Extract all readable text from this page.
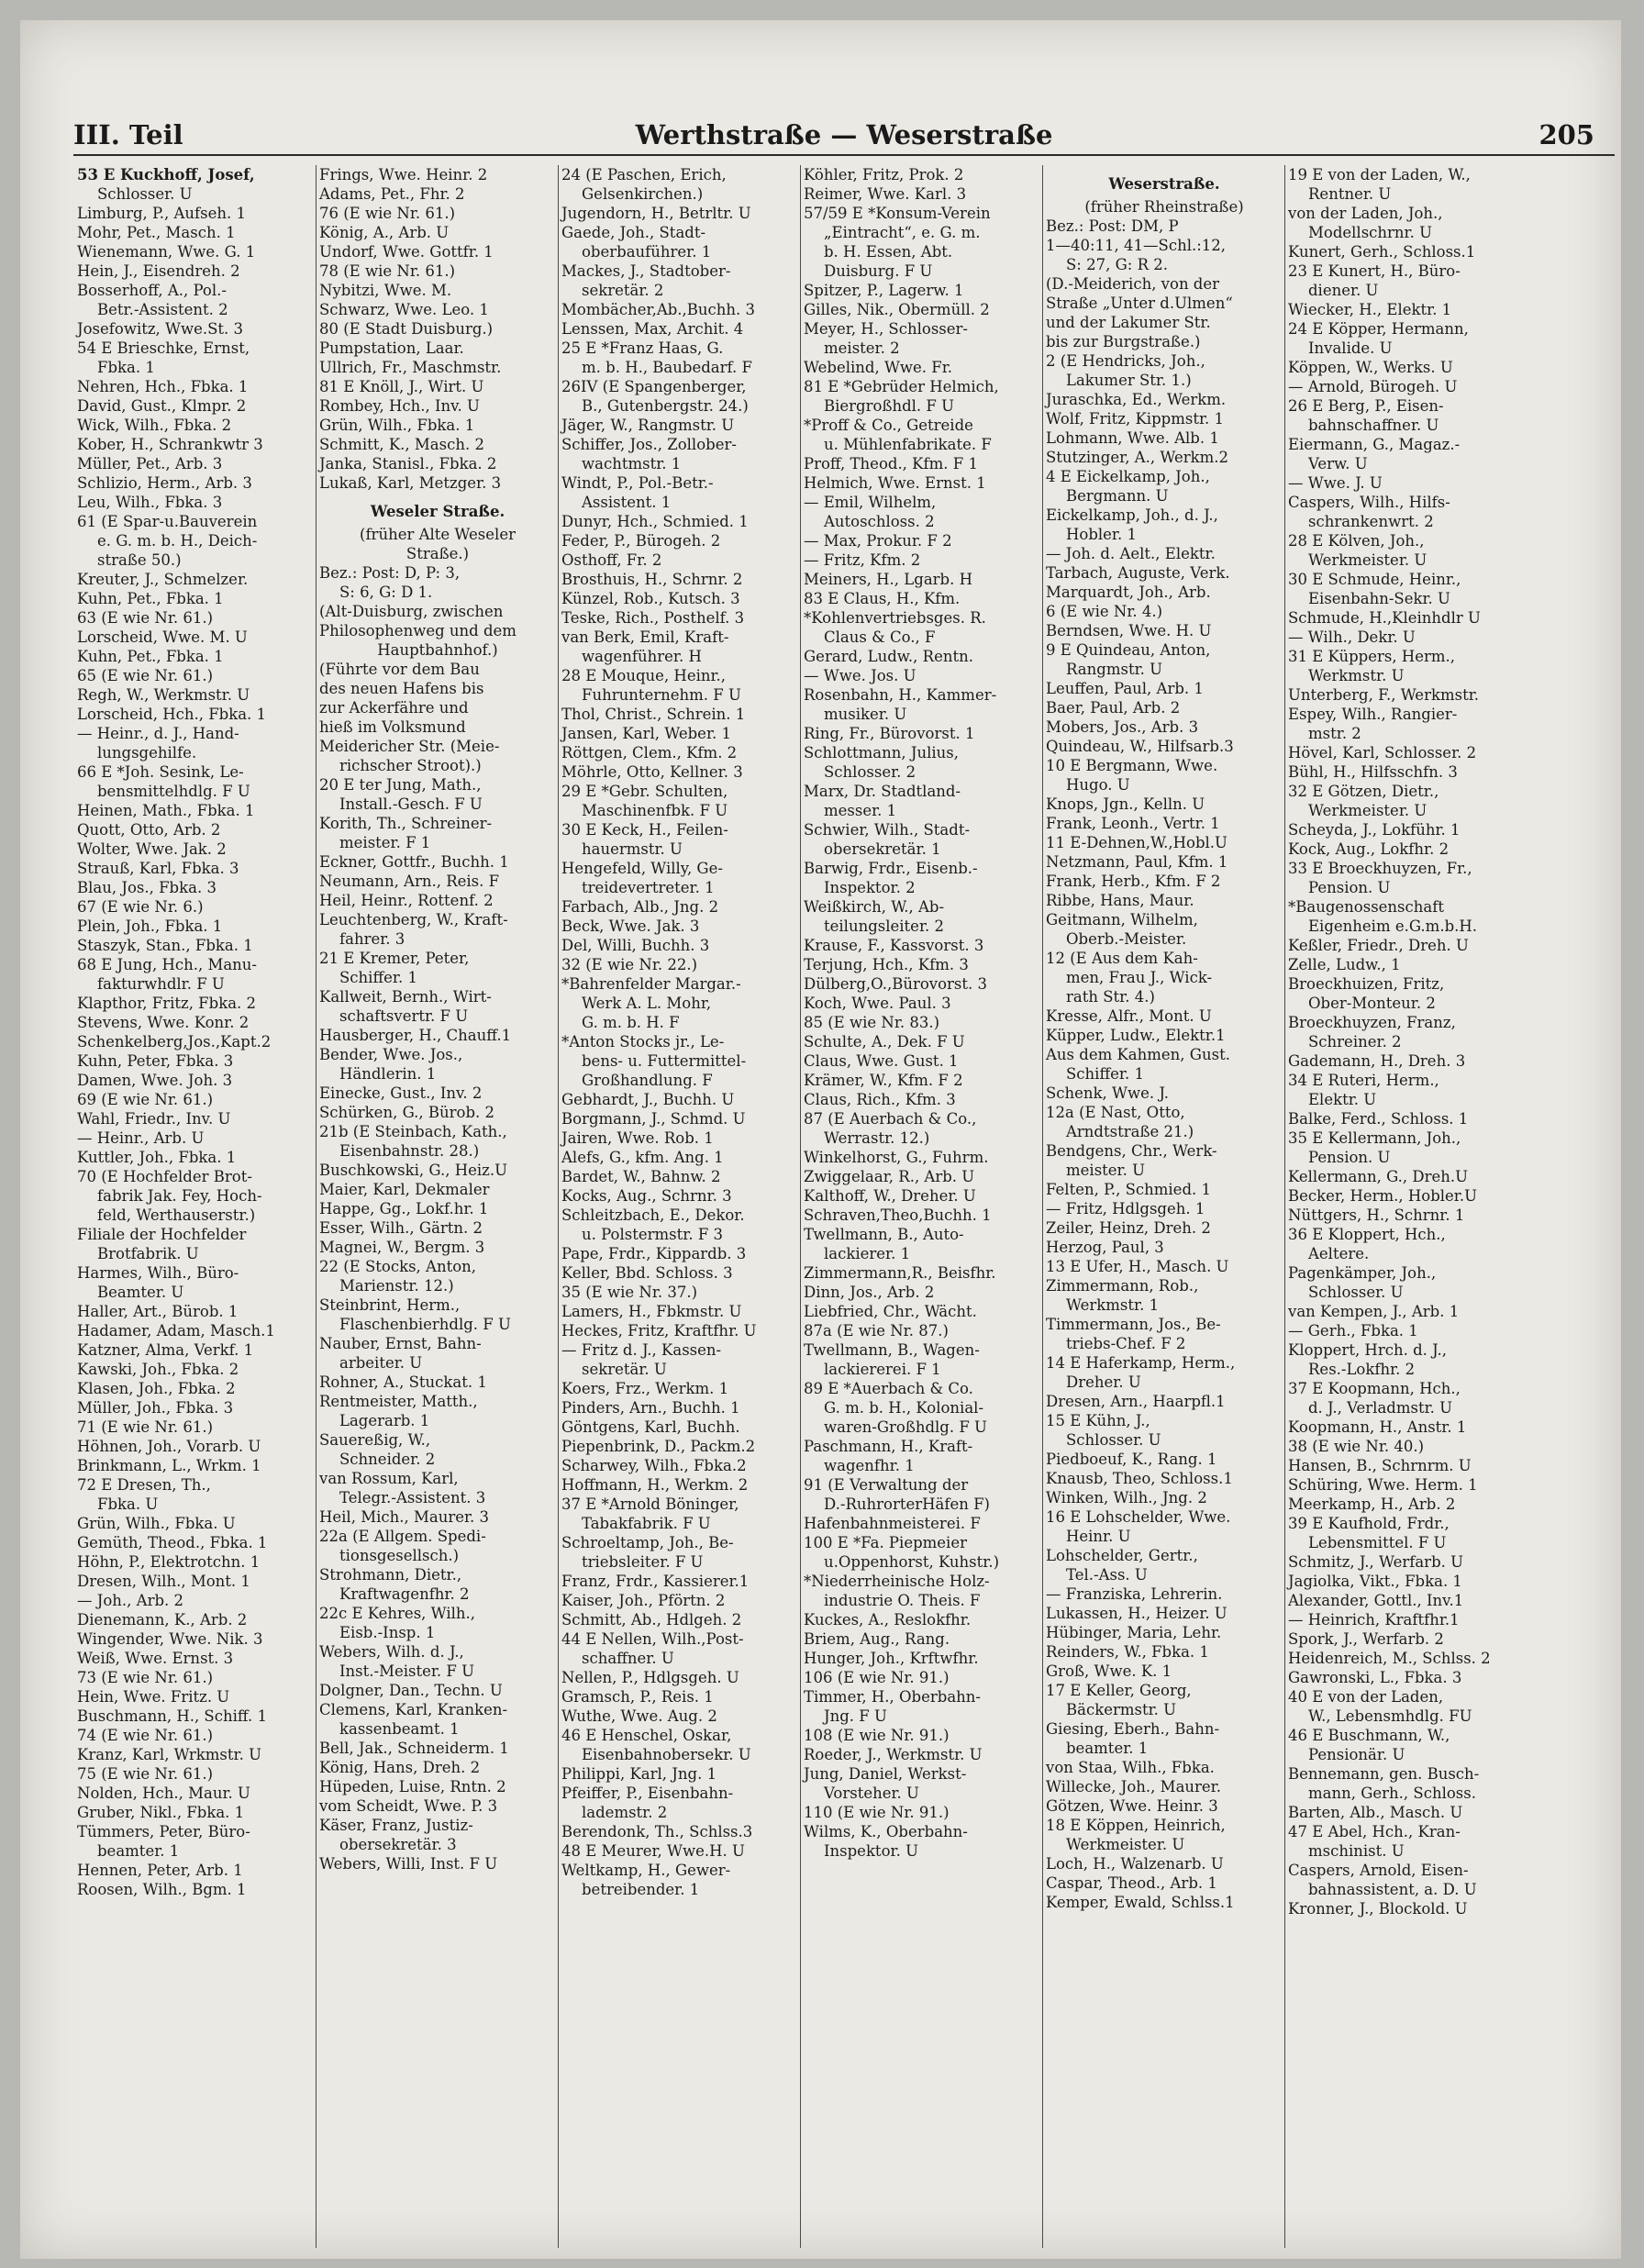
III. Teil	Werthstraße — Weserstraße	205
53 E Kuckhoff, Josef,
Schlosser. U
Limburg, P., Aufseh. 1
Mohr, Pet., Masch. 1
Wienemann, Wwe. G. 1
Hein, J., Eisendreh. 2
Bosserhoff, A., Pol.-
Betr.-Assistent. 2
Josefowitz, Wwe.St. 3
54 E Brieschke, Ernst,
Fbka. 1
Nehren, Hch., Fbka. 1
David, Gust., Klmpr. 2
Wick, Wilh., Fbka. 2
Kober, H., Schrankwtr 3
Müller, Pet., Arb. 3
Schlizio, Herm., Arb. 3
Leu, Wilh., Fbka. 3
61 (E Spar-u.Bauverein
e. G. m. b. H., Deich-
straße 50.)
Kreuter, J., Schmelzer.
Kuhn, Pet., Fbka. 1
63 (E wie Nr. 61.)
Lorscheid, Wwe. M. U
Kuhn, Pet., Fbka. 1
65 (E wie Nr. 61.)
Regh, W., Werkmstr. U
Lorscheid, Hch., Fbka. 1
— Heinr., d. J., Hand-
lungsgehilfe.
66 E *Joh. Sesink, Le-
bensmittelhdlg. F U
Heinen, Math., Fbka. 1
Quott, Otto, Arb. 2
Wolter, Wwe. Jak. 2
Strauß, Karl, Fbka. 3
Blau, Jos., Fbka. 3
67 (E wie Nr. 6.)
Plein, Joh., Fbka. 1
Staszyk, Stan., Fbka. 1
68 E Jung, Hch., Manu-
fakturwhdlr. F U
Klapthor, Fritz, Fbka. 2
Stevens, Wwe. Konr. 2
Schenkelberg,Jos.,Kapt.2
Kuhn, Peter, Fbka. 3
Damen, Wwe. Joh. 3
69 (E wie Nr. 61.)
Wahl, Friedr., Inv. U
— Heinr., Arb. U
Kuttler, Joh., Fbka. 1
70 (E Hochfelder Brot-
fabrik Jak. Fey, Hoch-
feld, Werthauserstr.)
Filiale der Hochfelder
Brotfabrik. U
Harmes, Wilh., Büro-
Beamter. U
Haller, Art., Bürob. 1
Hadamer, Adam, Masch.1
Katzner, Alma, Verkf. 1
Kawski, Joh., Fbka. 2
Klasen, Joh., Fbka. 2
Müller, Joh., Fbka. 3
71 (E wie Nr. 61.)
Höhnen, Joh., Vorarb. U
Brinkmann, L., Wrkm. 1
72 E Dresen, Th.,
Fbka. U
Grün, Wilh., Fbka. U
Gemüth, Theod., Fbka. 1
Höhn, P., Elektrotchn. 1
Dresen, Wilh., Mont. 1
— Joh., Arb. 2
Dienemann, K., Arb. 2
Wingender, Wwe. Nik. 3
Weiß, Wwe. Ernst. 3
73 (E wie Nr. 61.)
Hein, Wwe. Fritz. U
Buschmann, H., Schiff. 1
74 (E wie Nr. 61.)
Kranz, Karl, Wrkmstr. U
75 (E wie Nr. 61.)
Nolden, Hch., Maur. U
Gruber, Nikl., Fbka. 1
Tümmers, Peter, Büro-
beamter. 1
Hennen, Peter, Arb. 1
Roosen, Wilh., Bgm. 1
Frings, Wwe. Heinr. 2
Adams, Pet., Fhr. 2
76 (E wie Nr. 61.)
König, A., Arb. U
Undorf, Wwe. Gottfr. 1
78 (E wie Nr. 61.)
Nybitzi, Wwe. M.
Schwarz, Wwe. Leo. 1
80 (E Stadt Duisburg.)
Pumpstation, Laar.
Ullrich, Fr., Maschmstr.
81 E Knöll, J., Wirt. U
Rombey, Hch., Inv. U
Grün, Wilh., Fbka. 1
Schmitt, K., Masch. 2
Janka, Stanisl., Fbka. 2
Lukaß, Karl, Metzger. 3
Weseler Straße.
(früher Alte Weseler
Straße.)
Bez.: Post: D, P: 3,
S: 6, G: D 1.
(Alt-Duisburg, zwischen
Philosophenweg und dem
Hauptbahnhof.)
(Führte vor dem Bau
des neuen Hafens bis
zur Ackerfähre und
hieß im Volksmund
Meidericher Str. (Meie-
richscher Stroot).)
20 E ter Jung, Math.,
Install.-Gesch. F U
Korith, Th., Schreiner-
meister. F 1
Eckner, Gottfr., Buchh. 1
Neumann, Arn., Reis. F
Heil, Heinr., Rottenf. 2
Leuchtenberg, W., Kraft-
fahrer. 3
21 E Kremer, Peter,
Schiffer. 1
Kallweit, Bernh., Wirt-
schaftsvertr. F U
Hausberger, H., Chauff.1
Bender, Wwe. Jos.,
Händlerin. 1
Einecke, Gust., Inv. 2
Schürken, G., Bürob. 2
21b (E Steinbach, Kath.,
Eisenbahnstr. 28.)
Buschkowski, G., Heiz.U
Maier, Karl, Dekmaler
Happe, Gg., Lokf.hr. 1
Esser, Wilh., Gärtn. 2
Magnei, W., Bergm. 3
22 (E Stocks, Anton,
Marienstr. 12.)
Steinbrint, Herm.,
Flaschenbierhdlg. F U
Nauber, Ernst, Bahn-
arbeiter. U
Rohner, A., Stuckat. 1
Rentmeister, Matth.,
Lagerarb. 1
Sauereßig, W.,
Schneider. 2
van Rossum, Karl,
Telegr.-Assistent. 3
Heil, Mich., Maurer. 3
22a (E Allgem. Spedi-
tionsgesellsch.)
Strohmann, Dietr.,
Kraftwagenfhr. 2
22c E Kehres, Wilh.,
Eisb.-Insp. 1
Webers, Wilh. d. J.,
Inst.-Meister. F U
Dolgner, Dan., Techn. U
Clemens, Karl, Kranken-
kassenbeamt. 1
Bell, Jak., Schneiderm. 1
König, Hans, Dreh. 2
Hüpeden, Luise, Rntn. 2
vom Scheidt, Wwe. P. 3
Käser, Franz, Justiz-
obersekretär. 3
Webers, Willi, Inst. F U
24 (E Paschen, Erich,
Gelsenkirchen.)
Jugendorn, H., Betrltr. U
Gaede, Joh., Stadt-
oberbauführer. 1
Mackes, J., Stadtober-
sekretär. 2
Mombächer,Ab.,Buchh. 3
Lenssen, Max, Archit. 4
25 E *Franz Haas, G.
m. b. H., Baubedarf. F
26IV (E Spangenberger,
B., Gutenbergstr. 24.)
Jäger, W., Rangmstr. U
Schiffer, Jos., Zollober-
wachtmstr. 1
Windt, P., Pol.-Betr.-
Assistent. 1
Dunyr, Hch., Schmied. 1
Feder, P., Bürogeh. 2
Osthoff, Fr. 2
Brosthuis, H., Schrnr. 2
Künzel, Rob., Kutsch. 3
Teske, Rich., Posthelf. 3
van Berk, Emil, Kraft-
wagenführer. H
28 E Mouque, Heinr.,
Fuhrunternehm. F U
Thol, Christ., Schrein. 1
Jansen, Karl, Weber. 1
Röttgen, Clem., Kfm. 2
Möhrle, Otto, Kellner. 3
29 E *Gebr. Schulten,
Maschinenfbk. F U
30 E Keck, H., Feilen-
hauermstr. U
Hengefeld, Willy, Ge-
treidevertreter. 1
Farbach, Alb., Jng. 2
Beck, Wwe. Jak. 3
Del, Willi, Buchh. 3
32 (E wie Nr. 22.)
*Bahrenfelder Margar.-
Werk A. L. Mohr,
G. m. b. H. F
*Anton Stocks jr., Le-
bens- u. Futtermittel-
Großhandlung. F
Gebhardt, J., Buchh. U
Borgmann, J., Schmd. U
Jairen, Wwe. Rob. 1
Alefs, G., kfm. Ang. 1
Bardet, W., Bahnw. 2
Kocks, Aug., Schrnr. 3
Schleitzbach, E., Dekor.
u. Polstermstr. F 3
Pape, Frdr., Kippardb. 3
Keller, Bbd. Schloss. 3
35 (E wie Nr. 37.)
Lamers, H., Fbkmstr. U
Heckes, Fritz, Kraftfhr. U
— Fritz d. J., Kassen-
sekretär. U
Koers, Frz., Werkm. 1
Pinders, Arn., Buchh. 1
Göntgens, Karl, Buchh.
Piepenbrink, D., Packm.2
Scharwey, Wilh., Fbka.2
Hoffmann, H., Werkm. 2
37 E *Arnold Böninger,
Tabakfabrik. F U
Schroeltamp, Joh., Be-
triebsleiter. F U
Franz, Frdr., Kassierer.1
Kaiser, Joh., Pförtn. 2
Schmitt, Ab., Hdlgeh. 2
44 E Nellen, Wilh.,Post-
schaffner. U
Nellen, P., Hdlgsgeh. U
Gramsch, P., Reis. 1
Wuthe, Wwe. Aug. 2
46 E Henschel, Oskar,
Eisenbahnobersekr. U
Philippi, Karl, Jng. 1
Pfeiffer, P., Eisenbahn-
lademstr. 2
Berendonk, Th., Schlss.3
48 E Meurer, Wwe.H. U
Weltkamp, H., Gewer-
betreibender. 1
Köhler, Fritz, Prok. 2
Reimer, Wwe. Karl. 3
57/59 E *Konsum-Verein
„Eintracht“, e. G. m.
b. H. Essen, Abt.
Duisburg. F U
Spitzer, P., Lagerw. 1
Gilles, Nik., Obermüll. 2
Meyer, H., Schlosser-
meister. 2
Webelind, Wwe. Fr.
81 E *Gebrüder Helmich,
Biergroßhdl. F U
*Proff & Co., Getreide
u. Mühlenfabrikate. F
Proff, Theod., Kfm. F 1
Helmich, Wwe. Ernst. 1
— Emil, Wilhelm,
Autoschloss. 2
— Max, Prokur. F 2
— Fritz, Kfm. 2
Meiners, H., Lgarb. H
83 E Claus, H., Kfm.
*Kohlenvertriebsges. R.
Claus & Co., F
Gerard, Ludw., Rentn.
— Wwe. Jos. U
Rosenbahn, H., Kammer-
musiker. U
Ring, Fr., Bürovorst. 1
Schlottmann, Julius,
Schlosser. 2
Marx, Dr. Stadtland-
messer. 1
Schwier, Wilh., Stadt-
obersekretär. 1
Barwig, Frdr., Eisenb.-
Inspektor. 2
Weißkirch, W., Ab-
teilungsleiter. 2
Krause, F., Kassvorst. 3
Terjung, Hch., Kfm. 3
Dülberg,O.,Bürovorst. 3
Koch, Wwe. Paul. 3
85 (E wie Nr. 83.)
Schulte, A., Dek. F U
Claus, Wwe. Gust. 1
Krämer, W., Kfm. F 2
Claus, Rich., Kfm. 3
87 (E Auerbach & Co.,
Werrastr. 12.)
Winkelhorst, G., Fuhrm.
Zwiggelaar, R., Arb. U
Kalthoff, W., Dreher. U
Schraven,Theo,Buchh. 1
Twellmann, B., Auto-
lackierer. 1
Zimmermann,R., Beisfhr.
Dinn, Jos., Arb. 2
Liebfried, Chr., Wächt.
87a (E wie Nr. 87.)
Twellmann, B., Wagen-
lackiererei. F 1
89 E *Auerbach & Co.
G. m. b. H., Kolonial-
waren-Großhdlg. F U
Paschmann, H., Kraft-
wagenfhr. 1
91 (E Verwaltung der
D.-RuhrorterHäfen F)
Hafenbahnmeisterei. F
100 E *Fa. Piepmeier
u.Oppenhorst, Kuhstr.)
*Niederrheinische Holz-
industrie O. Theis. F
Kuckes, A., Reslokfhr.
Briem, Aug., Rang.
Hunger, Joh., Krftwfhr.
106 (E wie Nr. 91.)
Timmer, H., Oberbahn-
Jng. F U
108 (E wie Nr. 91.)
Roeder, J., Werkmstr. U
Jung, Daniel, Werkst-
Vorsteher. U
110 (E wie Nr. 91.)
Wilms, K., Oberbahn-
Inspektor. U
Weserstraße.
(früher Rheinstraße)
Bez.: Post: DM, P
1—40:11, 41—Schl.:12,
S: 27, G: R 2.
(D.-Meiderich, von der
Straße „Unter d.Ulmen“
und der Lakumer Str.
bis zur Burgstraße.)
2 (E Hendricks, Joh.,
Lakumer Str. 1.)
Juraschka, Ed., Werkm.
Wolf, Fritz, Kippmstr. 1
Lohmann, Wwe. Alb. 1
Stutzinger, A., Werkm.2
4 E Eickelkamp, Joh.,
Bergmann. U
Eickelkamp, Joh., d. J.,
Hobler. 1
— Joh. d. Aelt., Elektr.
Tarbach, Auguste, Verk.
Marquardt, Joh., Arb.
6 (E wie Nr. 4.)
Berndsen, Wwe. H. U
9 E Quindeau, Anton,
Rangmstr. U
Leuffen, Paul, Arb. 1
Baer, Paul, Arb. 2
Mobers, Jos., Arb. 3
Quindeau, W., Hilfsarb.3
10 E Bergmann, Wwe.
Hugo. U
Knops, Jgn., Kelln. U
Frank, Leonh., Vertr. 1
11 E-Dehnen,W.,Hobl.U
Netzmann, Paul, Kfm. 1
Frank, Herb., Kfm. F 2
Ribbe, Hans, Maur.
Geitmann, Wilhelm,
Oberb.-Meister.
12 (E Aus dem Kah-
men, Frau J., Wick-
rath Str. 4.)
Kresse, Alfr., Mont. U
Küpper, Ludw., Elektr.1
Aus dem Kahmen, Gust.
Schiffer. 1
Schenk, Wwe. J.
12a (E Nast, Otto,
Arndtstraße 21.)
Bendgens, Chr., Werk-
meister. U
Felten, P., Schmied. 1
— Fritz, Hdlgsgeh. 1
Zeiler, Heinz, Dreh. 2
Herzog, Paul, 3
13 E Ufer, H., Masch. U
Zimmermann, Rob.,
Werkmstr. 1
Timmermann, Jos., Be-
triebs-Chef. F 2
14 E Haferkamp, Herm.,
Dreher. U
Dresen, Arn., Haarpfl.1
15 E Kühn, J.,
Schlosser. U
Piedboeuf, K., Rang. 1
Knausb, Theo, Schloss.1
Winken, Wilh., Jng. 2
16 E Lohschelder, Wwe.
Heinr. U
Lohschelder, Gertr.,
Tel.-Ass. U
— Franziska, Lehrerin.
Lukassen, H., Heizer. U
Hübinger, Maria, Lehr.
Reinders, W., Fbka. 1
Groß, Wwe. K. 1
17 E Keller, Georg,
Bäckermstr. U
Giesing, Eberh., Bahn-
beamter. 1
von Staa, Wilh., Fbka.
Willecke, Joh., Maurer.
Götzen, Wwe. Heinr. 3
18 E Köppen, Heinrich,
Werkmeister. U
Loch, H., Walzenarb. U
Caspar, Theod., Arb. 1
Kemper, Ewald, Schlss.1
19 E von der Laden, W.,
Rentner. U
von der Laden, Joh.,
Modellschrnr. U
Kunert, Gerh., Schloss.1
23 E Kunert, H., Büro-
diener. U
Wiecker, H., Elektr. 1
24 E Köpper, Hermann,
Invalide. U
Köppen, W., Werks. U
— Arnold, Bürogeh. U
26 E Berg, P., Eisen-
bahnschaffner. U
Eiermann, G., Magaz.-
Verw. U
— Wwe. J. U
Caspers, Wilh., Hilfs-
schrankenwrt. 2
28 E Kölven, Joh.,
Werkmeister. U
30 E Schmude, Heinr.,
Eisenbahn-Sekr. U
Schmude, H.,Kleinhdlr U
— Wilh., Dekr. U
31 E Küppers, Herm.,
Werkmstr. U
Unterberg, F., Werkmstr.
Espey, Wilh., Rangier-
mstr. 2
Hövel, Karl, Schlosser. 2
Bühl, H., Hilfsschfn. 3
32 E Götzen, Dietr.,
Werkmeister. U
Scheyda, J., Lokführ. 1
Kock, Aug., Lokfhr. 2
33 E Broeckhuyzen, Fr.,
Pension. U
*Baugenossenschaft
Eigenheim e.G.m.b.H.
Keßler, Friedr., Dreh. U
Zelle, Ludw., 1
Broeckhuizen, Fritz,
Ober-Monteur. 2
Broeckhuyzen, Franz,
Schreiner. 2
Gademann, H., Dreh. 3
34 E Ruteri, Herm.,
Elektr. U
Balke, Ferd., Schloss. 1
35 E Kellermann, Joh.,
Pension. U
Kellermann, G., Dreh.U
Becker, Herm., Hobler.U
Nüttgers, H., Schrnr. 1
36 E Kloppert, Hch.,
Aeltere.
Pagenkämper, Joh.,
Schlosser. U
van Kempen, J., Arb. 1
— Gerh., Fbka. 1
Kloppert, Hrch. d. J.,
Res.-Lokfhr. 2
37 E Koopmann, Hch.,
d. J., Verladmstr. U
Koopmann, H., Anstr. 1
38 (E wie Nr. 40.)
Hansen, B., Schrnrm. U
Schüring, Wwe. Herm. 1
Meerkamp, H., Arb. 2
39 E Kaufhold, Frdr.,
Lebensmittel. F U
Schmitz, J., Werfarb. U
Jagiolka, Vikt., Fbka. 1
Alexander, Gottl., Inv.1
— Heinrich, Kraftfhr.1
Spork, J., Werfarb. 2
Heidenreich, M., Schlss. 2
Gawronski, L., Fbka. 3
40 E von der Laden,
W., Lebensmhdlg. FU
46 E Buschmann, W.,
Pensionär. U
Bennemann, gen. Busch-
mann, Gerh., Schloss.
Barten, Alb., Masch. U
47 E Abel, Hch., Kran-
mschinist. U
Caspers, Arnold, Eisen-
bahnassistent, a. D. U
Kronner, J., Blockold. U
